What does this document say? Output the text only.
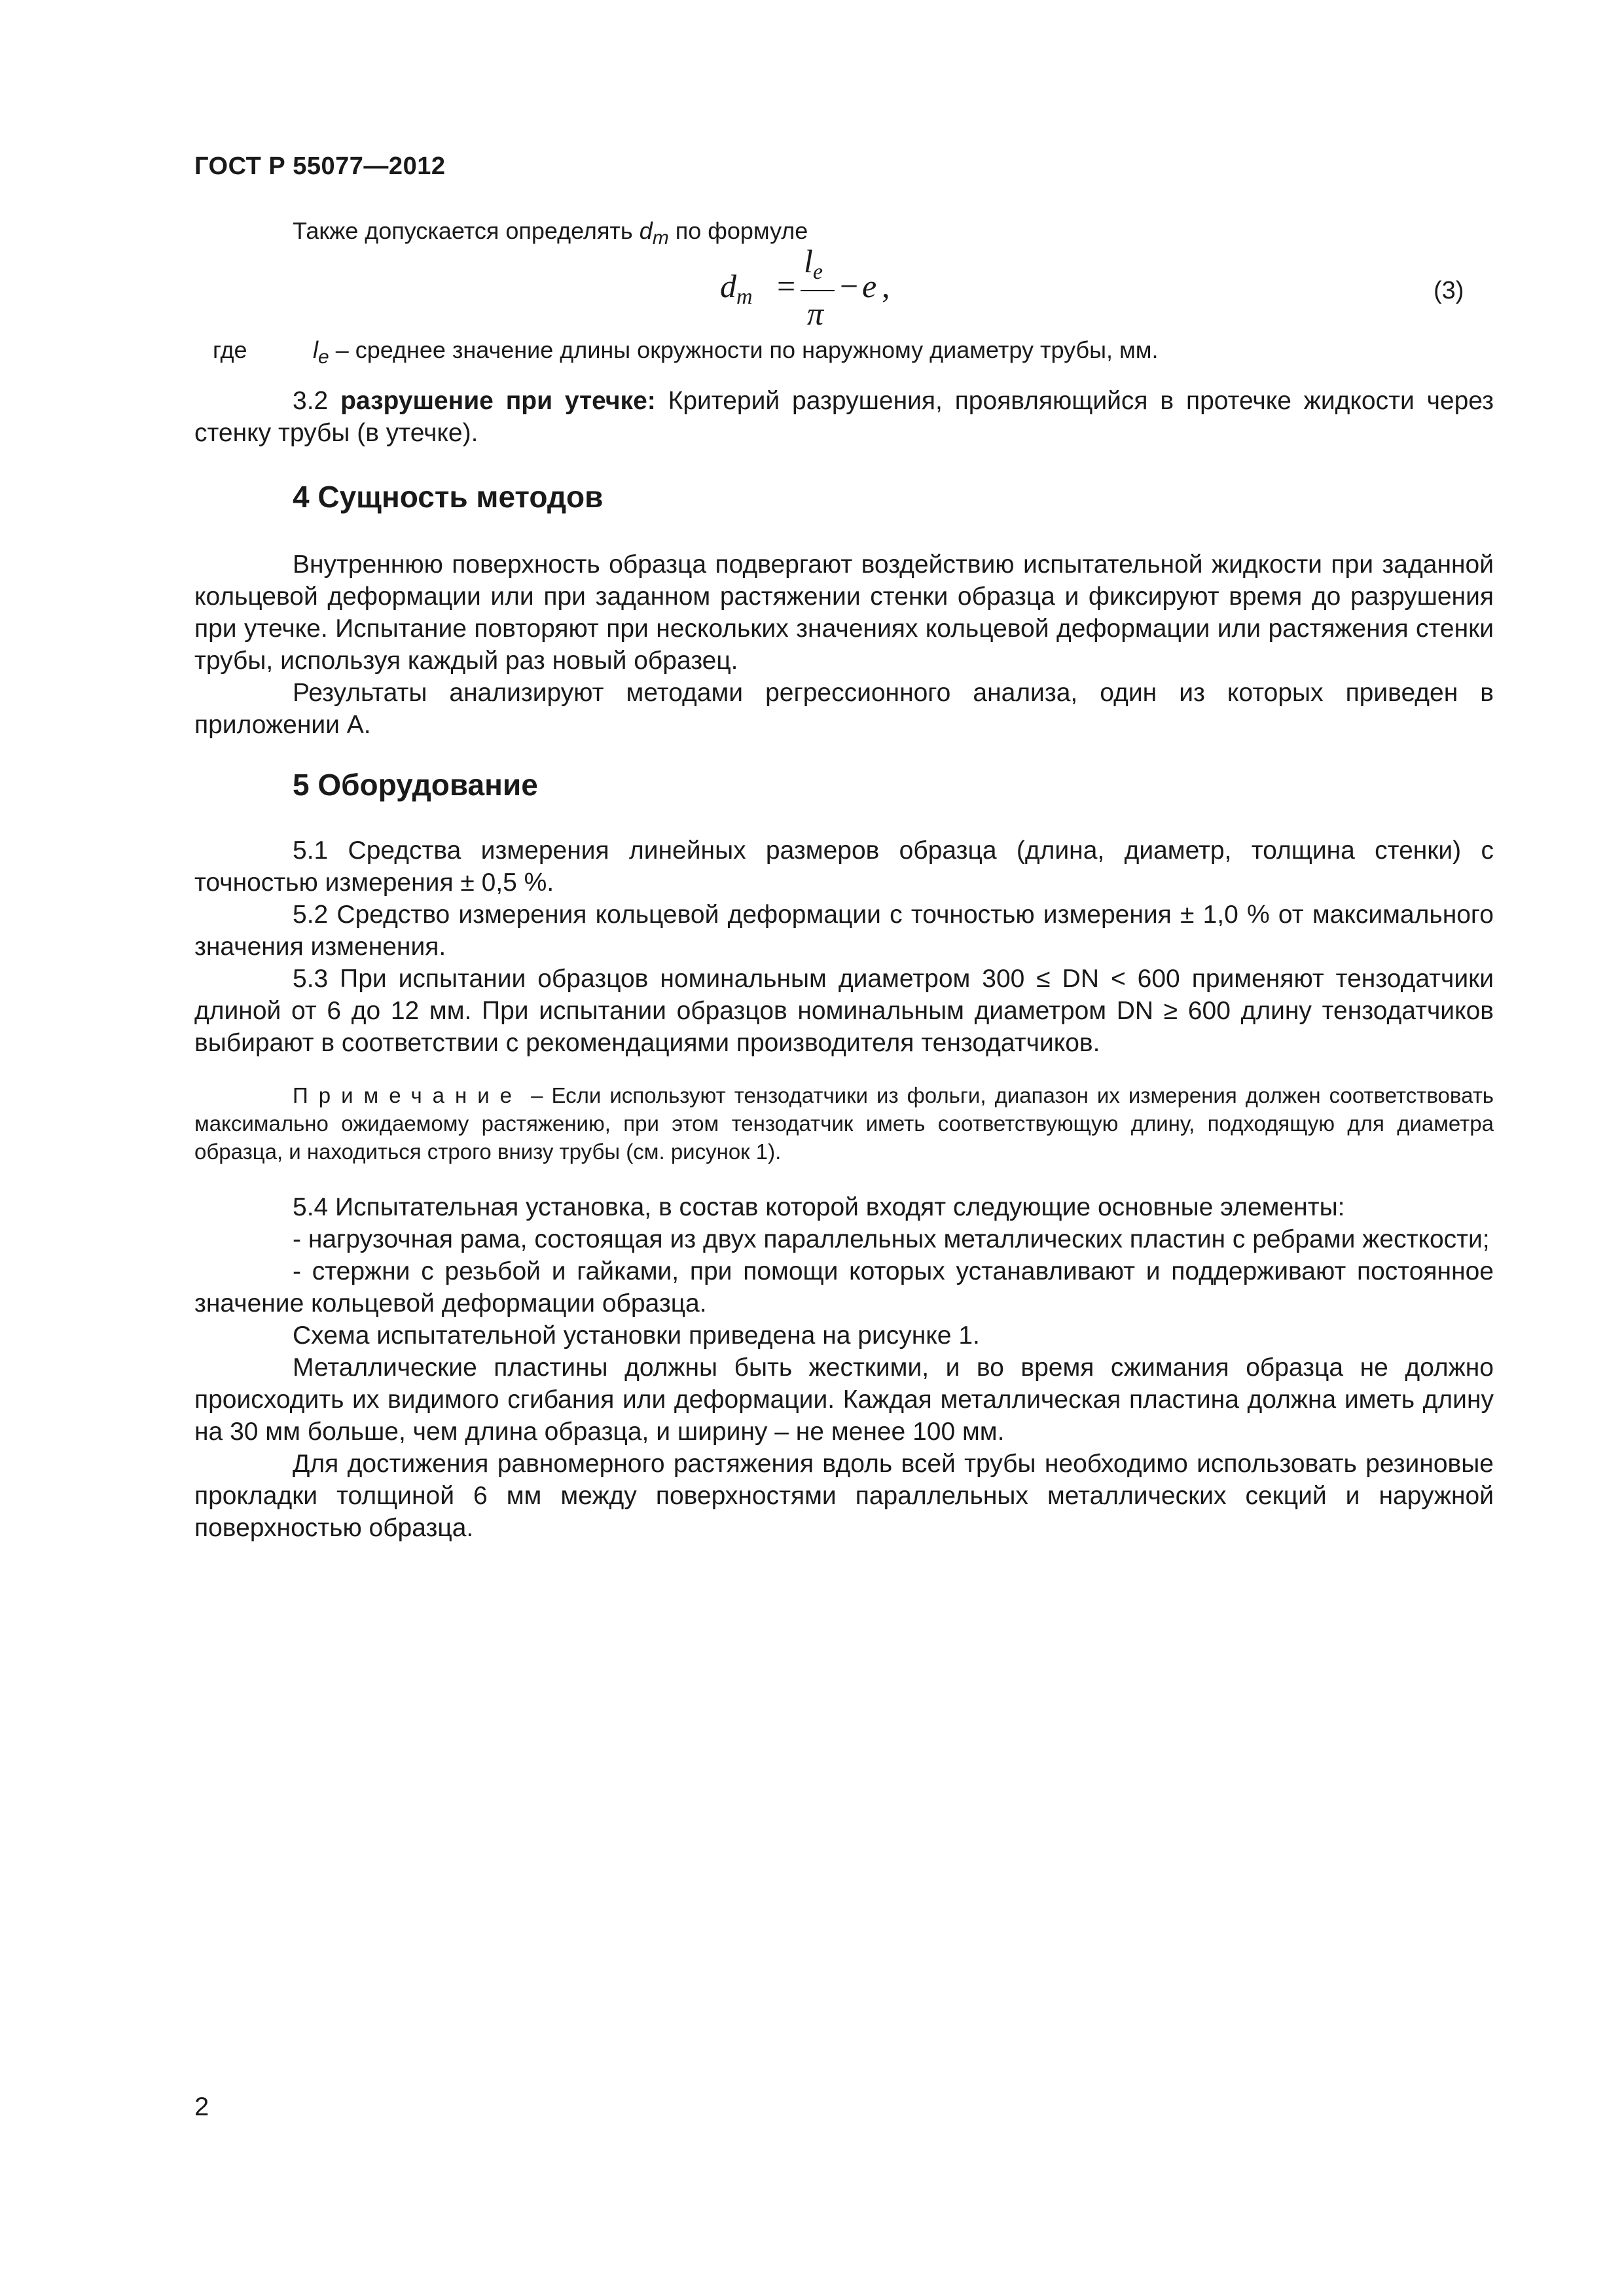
ГОСТ Р 55077—2012
Также допускается определять $d_m$ по формуле
$d_m$ =
$l_e$
π
− e ,	(3)
где	$l_e$ – среднее значение длины окружности по наружному диаметру трубы, мм.

3.2 разрушение при утечке: Критерий разрушения, проявляющийся в протечке жидкости через стенку трубы (в утечке).

4 Сущность методов

Внутреннюю поверхность образца подвергают воздействию испытательной жидкости при заданной кольцевой деформации или при заданном растяжении стенки образца и фиксируют время до разрушения при утечке. Испытание повторяют при нескольких значениях кольцевой деформации или растяжения стенки трубы, используя каждый раз новый образец.

Результаты анализируют методами регрессионного анализа, один из которых приведен в приложении А.

5 Оборудование

5.1 Средства измерения линейных размеров образца (длина, диаметр, толщина стенки) с точностью измерения ± 0,5 %.

5.2 Средство измерения кольцевой деформации с точностью измерения ± 1,0 % от максимального значения изменения.

5.3 При испытании образцов номинальным диаметром 300 ≤ DN < 600 применяют тензодатчики длиной от 6 до 12 мм. При испытании образцов номинальным диаметром DN ≥ 600 длину тензодатчиков выбирают в соответствии с рекомендациями производителя тензодатчиков.

Примечание – Если используют тензодатчики из фольги, диапазон их измерения должен соответствовать максимально ожидаемому растяжению, при этом тензодатчик иметь соответствующую длину, подходящую для диаметра образца, и находиться строго внизу трубы (см. рисунок 1).

5.4 Испытательная установка, в состав которой входят следующие основные элементы:

- нагрузочная рама, состоящая из двух параллельных металлических пластин с ребрами жесткости;

- стержни с резьбой и гайками, при помощи которых устанавливают и поддерживают постоянное значение кольцевой деформации образца.

Схема испытательной установки приведена на рисунке 1.

Металлические пластины должны быть жесткими, и во время сжимания образца не должно происходить их видимого сгибания или деформации. Каждая металлическая пластина должна иметь длину на 30 мм больше, чем длина образца, и ширину – не менее 100 мм.

Для достижения равномерного растяжения вдоль всей трубы необходимо использовать резиновые прокладки толщиной 6 мм между поверхностями параллельных металлических секций и наружной поверхностью образца.

2
